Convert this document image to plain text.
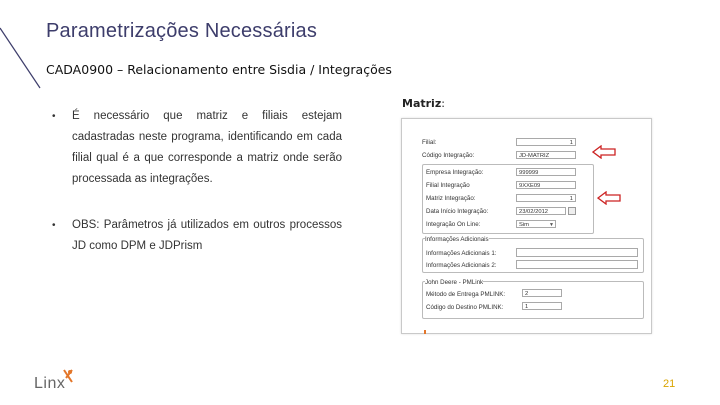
Parametrizações Necessárias
CADA0900 – Relacionamento entre Sisdia / Integrações
• É necessário que matriz e filiais estejam cadastradas neste programa, identificando em cada filial qual é a que corresponde a matriz onde serão processada as integrações.
• OBS: Parâmetros já utilizados em outros processos JD como DPM e JDPrism
Matriz:
Filial:	1
Código Integração:	JD-MATRIZ
Empresa Integração:	999999
Filial Integração	9XXE09
Matriz Integração:	1
Data Início Integração:	23/02/2012
Integração On Line:	Sim	▼
Informações Adicionais
Informações Adicionais 1:
Informações Adicionais 2:
John Deere - PMLink
Método de Entrega PMLINK:	2
Código do Destino PMLINK:	1
Linx	21
